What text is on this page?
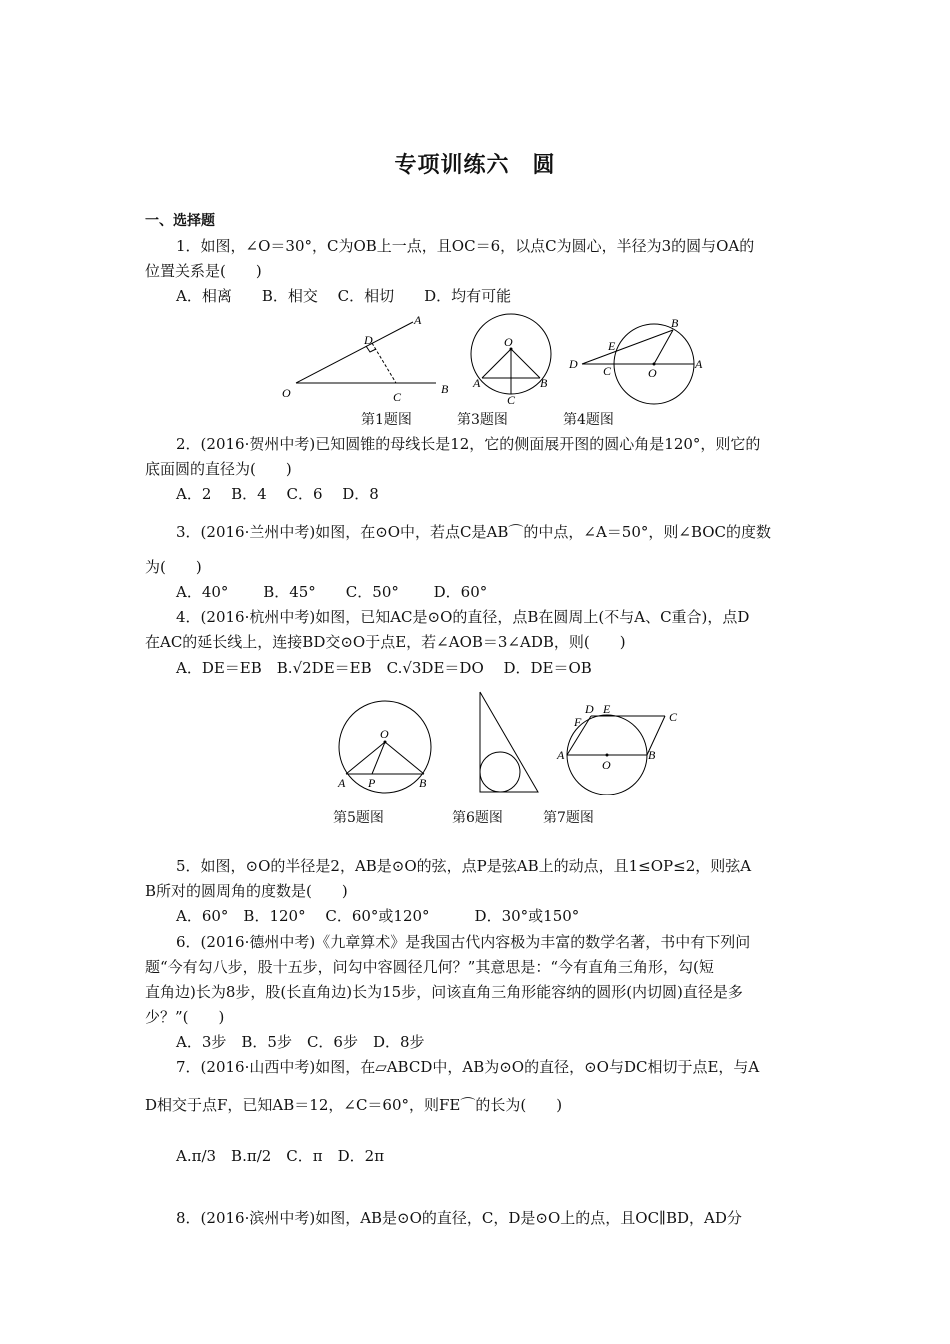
专项训练六　圆
一、选择题
1．如图，∠O＝30°，C为OB上一点，且OC＝6，以点C为圆心，半径为3的圆与OA的
位置关系是(　　)
A．相离　　B．相交　 C．相切　　D．均有可能
O
A
B
C
D	O
A	B
C
D
E
C	O
A
B
第1题图	第3题图	第4题图
2．(2016·贺州中考)已知圆锥的母线长是12，它的侧面展开图的圆心角是120°，则它的
底面圆的直径为(　　)
A．2　 B．4　 C．6　 D．8
3．(2016·兰州中考)如图，在⊙O中，若点C是AB⌒的中点，∠A＝50°，则∠BOC的度数
为(　　)
A．40°　　 B．45°　　C．50°　　 D．60°
4．(2016·杭州中考)如图，已知AC是⊙O的直径，点B在圆周上(不与A、C重合)，点D
在AC的延长线上，连接BD交⊙O于点E，若∠AOB＝3∠ADB，则(　　)
A．DE＝EB　B.√2DE＝EB　C.√3DE＝DO　 D．DE＝OB
O
A P	B
D E
C
F
A
O
B
第5题图	第6题图	第7题图
5．如图，⊙O的半径是2，AB是⊙O的弦，点P是弦AB上的动点，且1≤OP≤2，则弦A
B所对的圆周角的度数是(　　)
A．60°　B．120°　 C．60°或120°　　　D．30°或150°
6．(2016·德州中考)《九章算术》是我国古代内容极为丰富的数学名著，书中有下列问
题“今有勾八步，股十五步，问勾中容圆径几何？”其意思是：“今有直角三角形，勾(短
直角边)长为8步，股(长直角边)长为15步，问该直角三角形能容纳的圆形(内切圆)直径是多
少？”(　　)
A．3步　B．5步　C．6步　D．8步
7．(2016·山西中考)如图，在▱ABCD中，AB为⊙O的直径，⊙O与DC相切于点E，与A
D相交于点F，已知AB＝12，∠C＝60°，则FE⌒的长为(　　)
A.π/3　B.π/2　C．π　D．2π
8．(2016·滨州中考)如图，AB是⊙O的直径，C，D是⊙O上的点，且OC∥BD，AD分
